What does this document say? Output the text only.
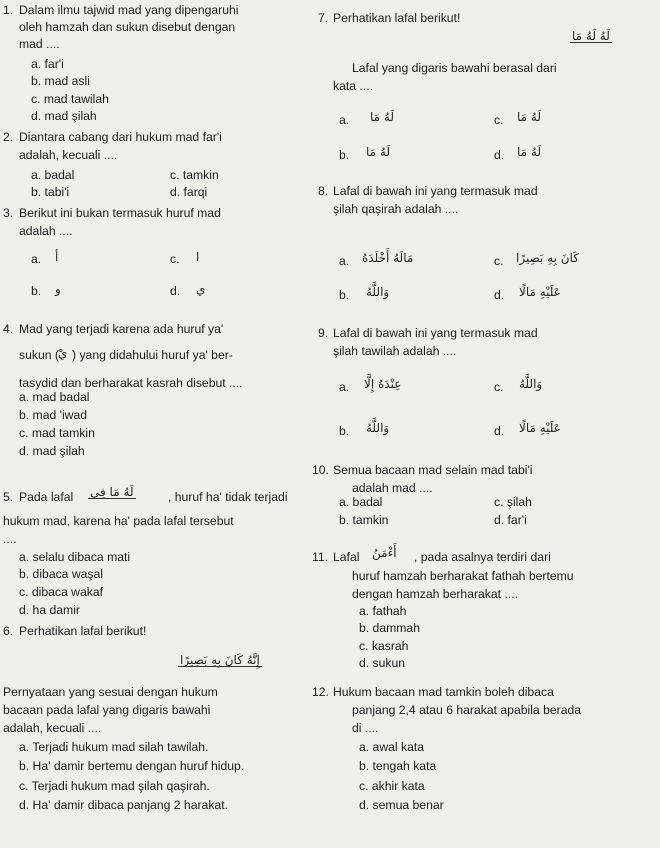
1. Dalam ilmu tajwid mad yang dipengaruhi
oleh hamzah dan sukun disebut dengan
mad ....
a. far'i
b. mad asli
c. mad tawilah
d. mad şilah
2. Diantara cabang dari hukum mad far'i
adalah, kecuali ....
a. badal
b. tabi'i
c. tamkin
d. farqi
3. Berikut ini bukan termasuk huruf mad
adalah ....
a. أ	c. ا
b. و	d. ي
4. Mad yang terjadi karena ada huruf ya'
sukun ( يْ ) yang didahului huruf ya' ber-
tasydid dan berharakat kasrah disebut ....
a. mad badal
b. mad 'iwad
c. mad tamkin
d. mad şilah
5. Pada lafal لَهُ مَا فِى	, huruf ha' tidak terjadi
hukum mad, karena ha' pada lafal tersebut
....
a. selalu dibaca mati
b. dibaca waşal
c. dibaca wakaf
d. ha damir
6. Perhatikan lafal berikut!
إِنَّهُ كَانَ بِهِ بَصِيرًا
Pernyataan yang sesuai dengan hukum
bacaan pada lafal yang digaris bawahi
adalah, kecuali ....
a. Terjadi hukum mad silah tawilah.
b. Ha' damir bertemu dengan huruf hidup.
c. Terjadi hukum mad şilah qaşirah.
d. Ha' damir dibaca panjang 2 harakat.
7. Perhatikan lafal berikut!
لَهُ لَهُ مَا
Lafal yang digaris bawahi berasal dari
kata ....
a. لَهُ مَا	c. لَهُ مَا
b. لَهُ مَا	d. لَهُ مَا
8. Lafal di bawah ini yang termasuk mad
şilah qaşirah adalah ....
a. مَالَهُ أَخْلَدَهُ	c. كَانَ بِهِ بَصِيرًا
b. وَاللَّهُ	d. عَلَيْهِ مَالًا
9. Lafal di bawah ini yang termasuk mad
şilah tawilah adalah ....
a. عِنْدَهُ إِلَّا	c. وَاللَّهُ
b. وَاللَّهُ	d. عَلَيْهِ مَالًا
10. Semua bacaan mad selain mad tabi'i
adalah mad ....
a. badal
b. tamkin
c. şilah
d. far'i
11. Lafal أَءْمَنُ , pada asalnya terdiri dari
huruf hamzah berharakat fathah bertemu
dengan hamzah berharakat ....
a. fathah
b. dammah
c. kasrah
d. sukun
12. Hukum bacaan mad tamkin boleh dibaca
panjang 2,4 atau 6 harakat apabila berada
di ....
a. awal kata
b. tengah kata
c. akhir kata
d. semua benar
